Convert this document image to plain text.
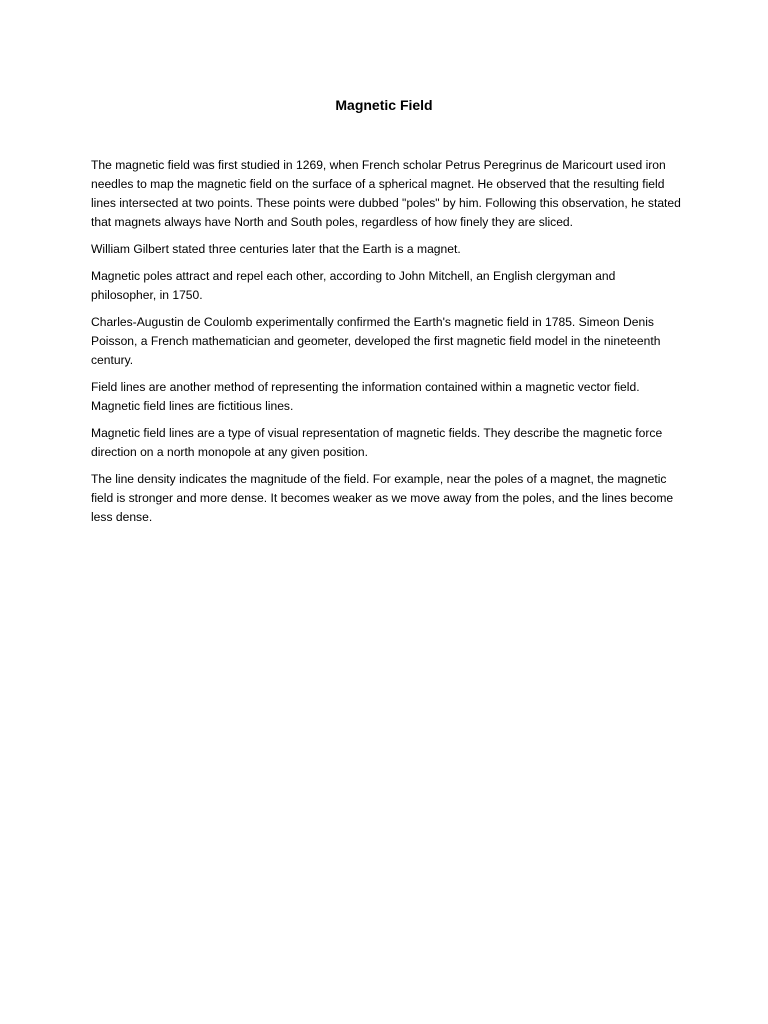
Magnetic Field

The magnetic field was first studied in 1269, when French scholar Petrus Peregrinus de Maricourt used iron needles to map the magnetic field on the surface of a spherical magnet. He observed that the resulting field lines intersected at two points. These points were dubbed "poles" by him. Following this observation, he stated that magnets always have North and South poles, regardless of how finely they are sliced.

William Gilbert stated three centuries later that the Earth is a magnet.

Magnetic poles attract and repel each other, according to John Mitchell, an English clergyman and philosopher, in 1750.

Charles-Augustin de Coulomb experimentally confirmed the Earth's magnetic field in 1785. Simeon Denis Poisson, a French mathematician and geometer, developed the first magnetic field model in the nineteenth century.

Field lines are another method of representing the information contained within a magnetic vector field. Magnetic field lines are fictitious lines.

Magnetic field lines are a type of visual representation of magnetic fields. They describe the magnetic force direction on a north monopole at any given position.

The line density indicates the magnitude of the field. For example, near the poles of a magnet, the magnetic field is stronger and more dense. It becomes weaker as we move away from the poles, and the lines become less dense.
